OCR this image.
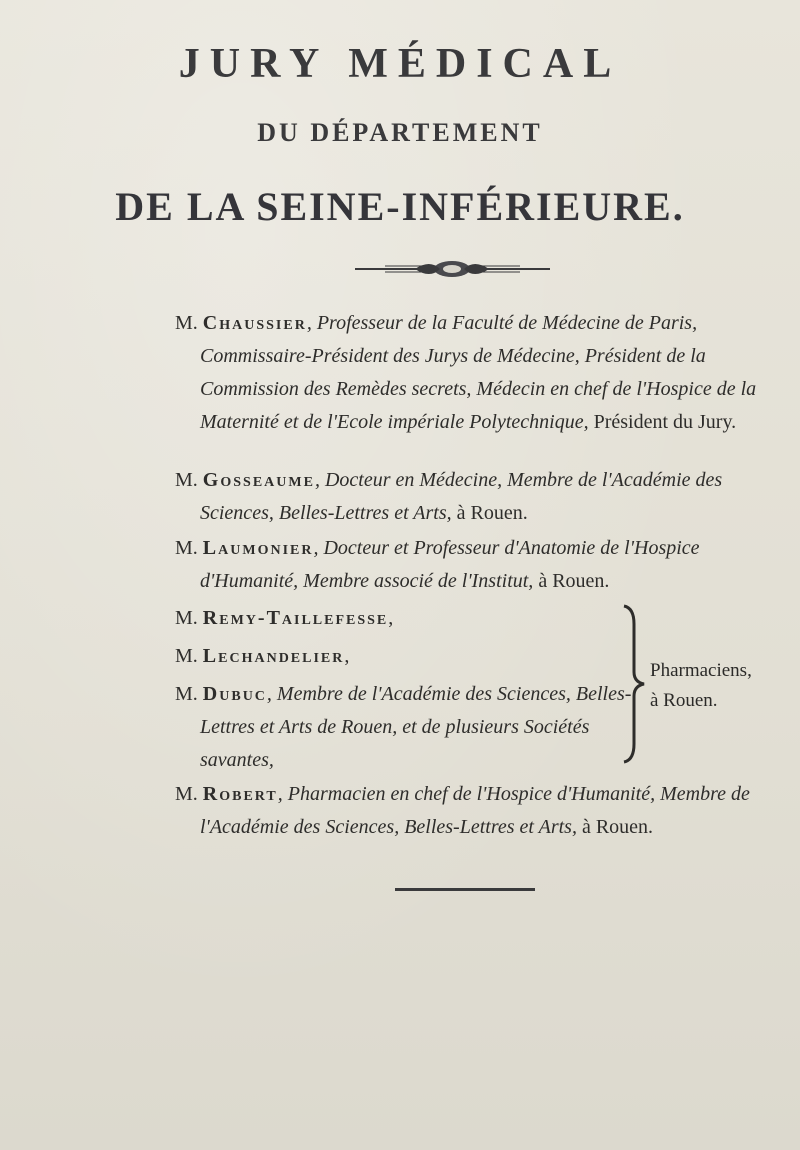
JURY MÉDICAL
DU DÉPARTEMENT
DE LA SEINE-INFÉRIEURE.
M. Chaussier, Professeur de la Faculté de Médecine de Paris, Commissaire-Président des Jurys de Médecine, Président de la Commission des Remèdes secrets, Médecin en chef de l'Hospice de la Maternité et de l'Ecole impériale Polytechnique, Président du Jury.
M. Gosseaume, Docteur en Médecine, Membre de l'Académie des Sciences, Belles-Lettres et Arts, à Rouen.
M. Laumonier, Docteur et Professeur d'Anatomie de l'Hospice d'Humanité, Membre associé de l'Institut, à Rouen.
M. Remy-Taillefesse,
M. Lechandelier,
M. Dubuc, Membre de l'Académie des Sciences, Belles-Lettres et Arts de Rouen, et de plusieurs Sociétés savantes,
Pharmaciens,
à Rouen.
M. Robert, Pharmacien en chef de l'Hospice d'Humanité, Membre de l'Académie des Sciences, Belles-Lettres et Arts, à Rouen.
